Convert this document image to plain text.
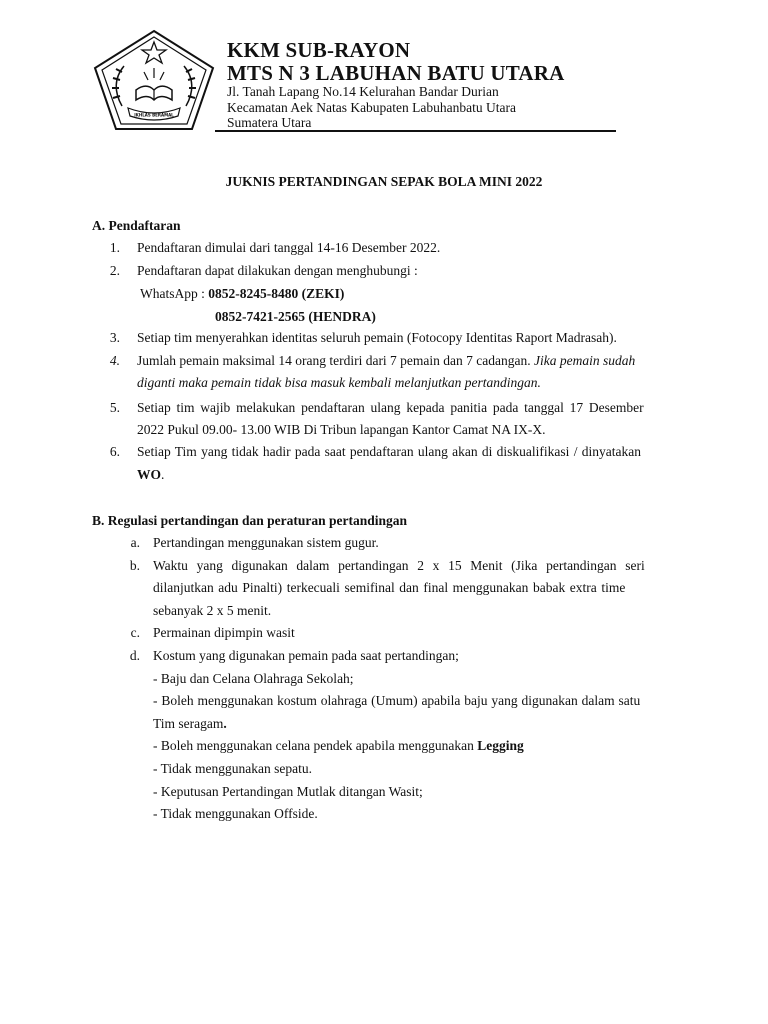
IKHLAS BERAMAL
KKM SUB-RAYON
MTS N 3 LABUHAN BATU UTARA
Jl. Tanah Lapang No.14 Kelurahan Bandar Durian
Kecamatan Aek Natas Kabupaten Labuhanbatu Utara
Sumatera Utara
JUKNIS PERTANDINGAN SEPAK BOLA MINI 2022
A. Pendaftaran
1. Pendaftaran dimulai dari tanggal 14-16 Desember 2022.
2. Pendaftaran dapat dilakukan dengan menghubungi :
WhatsApp : 0852-8245-8480 (ZEKI)
0852-7421-2565 (HENDRA)
3. Setiap tim menyerahkan identitas seluruh pemain (Fotocopy Identitas Raport Madrasah).
4. Jumlah pemain maksimal 14 orang terdiri dari 7 pemain dan 7 cadangan. Jika pemain sudah
diganti maka pemain tidak bisa masuk kembali melanjutkan pertandingan.
5. Setiap tim wajib melakukan pendaftaran ulang kepada panitia pada tanggal 17 Desember
2022 Pukul 09.00- 13.00 WIB Di Tribun lapangan Kantor Camat NA IX-X.
6. Setiap Tim yang tidak hadir pada saat pendaftaran ulang akan di diskualifikasi / dinyatakan
WO.
B. Regulasi pertandingan dan peraturan pertandingan
a. Pertandingan menggunakan sistem gugur.
b. Waktu yang digunakan dalam pertandingan 2 x 15 Menit (Jika pertandingan seri
dilanjutkan adu Pinalti) terkecuali semifinal dan final menggunakan babak extra time
sebanyak 2 x 5 menit.
c. Permainan dipimpin wasit
d. Kostum yang digunakan pemain pada saat pertandingan;
- Baju dan Celana Olahraga Sekolah;
- Boleh menggunakan kostum olahraga (Umum) apabila baju yang digunakan dalam satu
Tim seragam.
- Boleh menggunakan celana pendek apabila menggunakan Legging
- Tidak menggunakan sepatu.
- Keputusan Pertandingan Mutlak ditangan Wasit;
- Tidak menggunakan Offside.
